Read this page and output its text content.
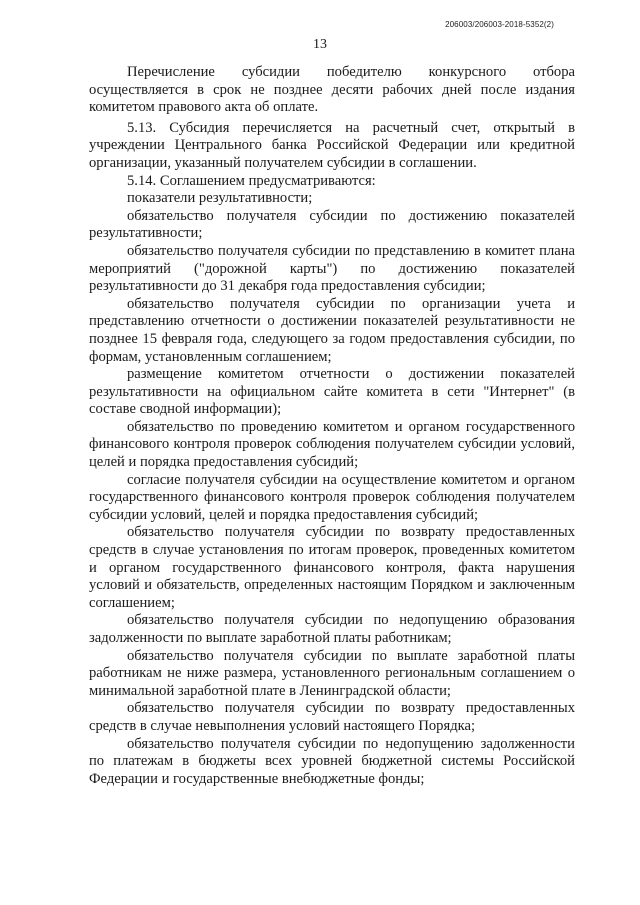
206003/206003-2018-5352(2)
13

Перечисление субсидии победителю конкурсного отбора осуществляется в срок не позднее десяти рабочих дней после издания комитетом правового акта об оплате.

5.13. Субсидия перечисляется на расчетный счет, открытый в учреждении Центрального банка Российской Федерации или кредитной организации, указанный получателем субсидии в соглашении.

5.14. Соглашением предусматриваются:

показатели результативности;

обязательство получателя субсидии по достижению показателей результативности;

обязательство получателя субсидии по представлению в комитет плана мероприятий ("дорожной карты") по достижению показателей результативности до 31 декабря года предоставления субсидии;

обязательство получателя субсидии по организации учета и представлению отчетности о достижении показателей результативности не позднее 15 февраля года, следующего за годом предоставления субсидии, по формам, установленным соглашением;

размещение комитетом отчетности о достижении показателей результативности на официальном сайте комитета в сети "Интернет" (в составе сводной информации);

обязательство по проведению комитетом и органом государственного финансового контроля проверок соблюдения получателем субсидии условий, целей и порядка предоставления субсидий;

согласие получателя субсидии на осуществление комитетом и органом государственного финансового контроля проверок соблюдения получателем субсидии условий, целей и порядка предоставления субсидий;

обязательство получателя субсидии по возврату предоставленных средств в случае установления по итогам проверок, проведенных комитетом и органом государственного финансового контроля, факта нарушения условий и обязательств, определенных настоящим Порядком и заключенным соглашением;

обязательство получателя субсидии по недопущению образования задолженности по выплате заработной платы работникам;

обязательство получателя субсидии по выплате заработной платы работникам не ниже размера, установленного региональным соглашением о минимальной заработной плате в Ленинградской области;

обязательство получателя субсидии по возврату предоставленных средств в случае невыполнения условий настоящего Порядка;

обязательство получателя субсидии по недопущению задолженности по платежам в бюджеты всех уровней бюджетной системы Российской Федерации и государственные внебюджетные фонды;
